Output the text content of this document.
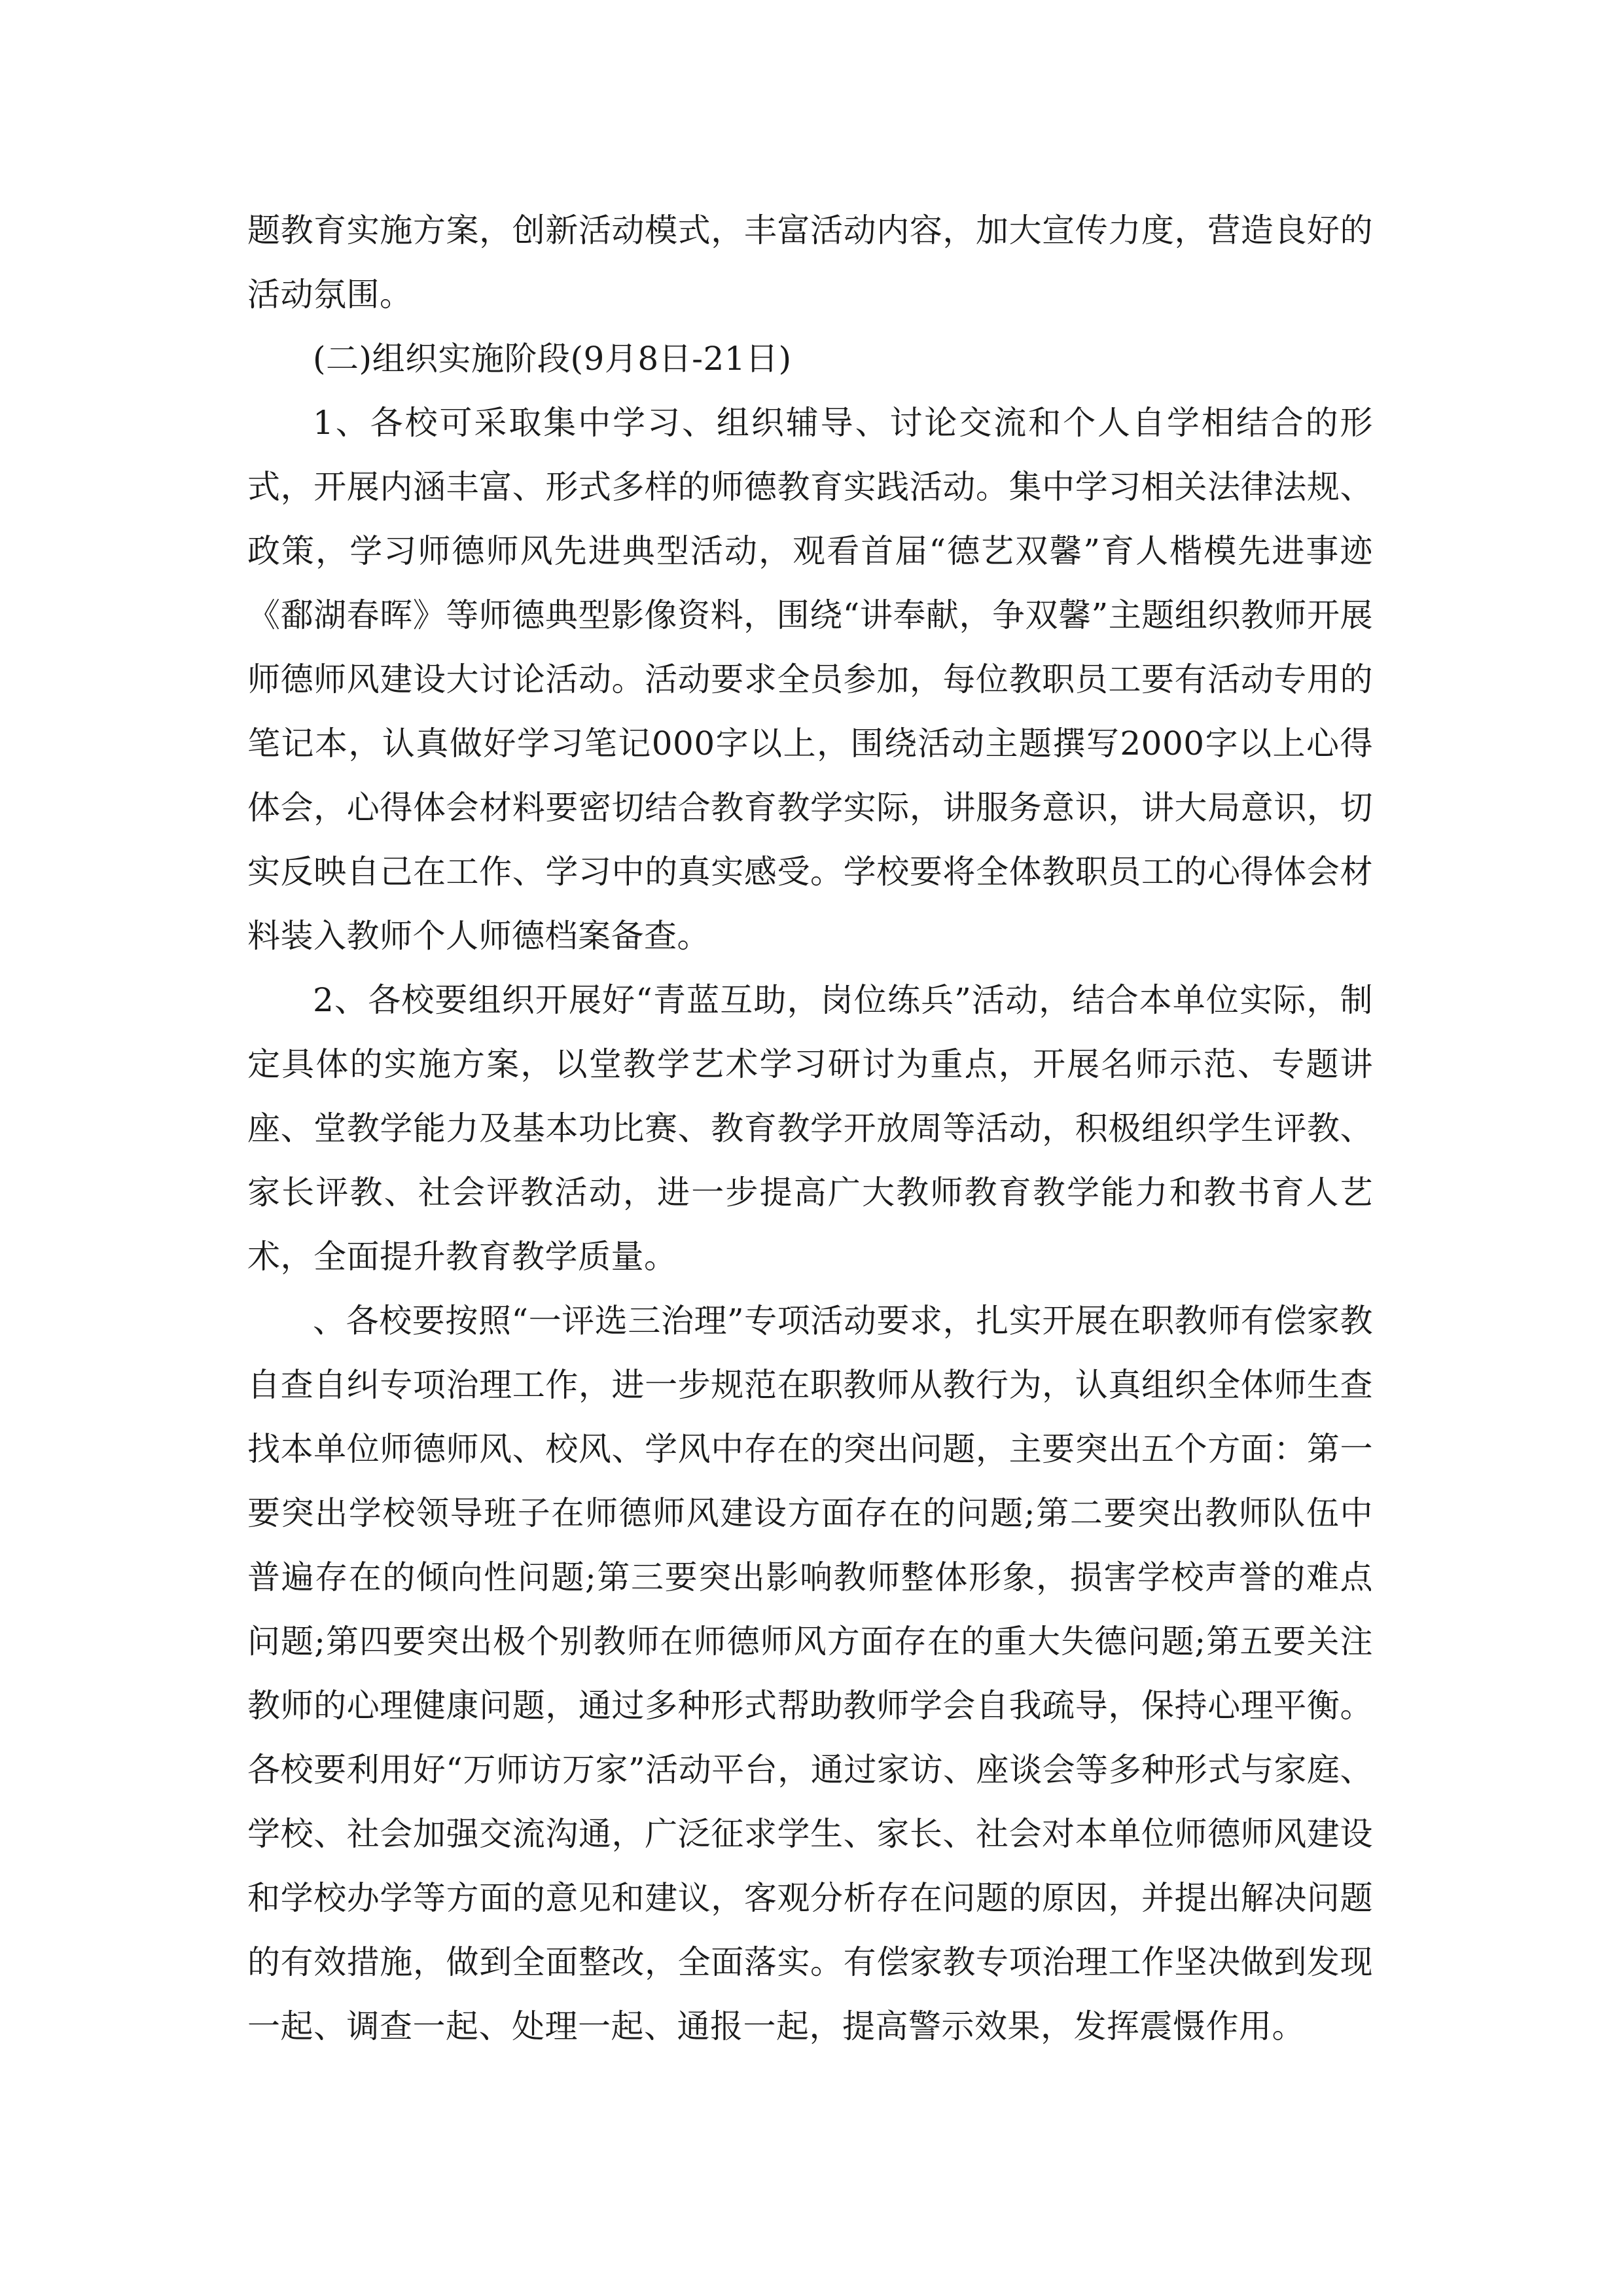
题教育实施方案，创新活动模式，丰富活动内容，加大宣传力度，营造良好的活动氛围。

(二)组织实施阶段(9月8日-21日)

1、各校可采取集中学习、组织辅导、讨论交流和个人自学相结合的形式，开展内涵丰富、形式多样的师德教育实践活动。集中学习相关法律法规、政策，学习师德师风先进典型活动，观看首届“德艺双馨”育人楷模先进事迹《鄱湖春晖》等师德典型影像资料，围绕“讲奉献，争双馨”主题组织教师开展师德师风建设大讨论活动。活动要求全员参加，每位教职员工要有活动专用的笔记本，认真做好学习笔记000字以上，围绕活动主题撰写2000字以上心得体会，心得体会材料要密切结合教育教学实际，讲服务意识，讲大局意识，切实反映自己在工作、学习中的真实感受。学校要将全体教职员工的心得体会材料装入教师个人师德档案备查。

2、各校要组织开展好“青蓝互助，岗位练兵”活动，结合本单位实际，制定具体的实施方案，以堂教学艺术学习研讨为重点，开展名师示范、专题讲座、堂教学能力及基本功比赛、教育教学开放周等活动，积极组织学生评教、家长评教、社会评教活动，进一步提高广大教师教育教学能力和教书育人艺术，全面提升教育教学质量。

、各校要按照“一评选三治理”专项活动要求，扎实开展在职教师有偿家教自查自纠专项治理工作，进一步规范在职教师从教行为，认真组织全体师生查找本单位师德师风、校风、学风中存在的突出问题，主要突出五个方面：第一要突出学校领导班子在师德师风建设方面存在的问题;第二要突出教师队伍中普遍存在的倾向性问题;第三要突出影响教师整体形象，损害学校声誉的难点问题;第四要突出极个别教师在师德师风方面存在的重大失德问题;第五要关注教师的心理健康问题，通过多种形式帮助教师学会自我疏导，保持心理平衡。各校要利用好“万师访万家”活动平台，通过家访、座谈会等多种形式与家庭、学校、社会加强交流沟通，广泛征求学生、家长、社会对本单位师德师风建设和学校办学等方面的意见和建议，客观分析存在问题的原因，并提出解决问题的有效措施，做到全面整改，全面落实。有偿家教专项治理工作坚决做到发现一起、调查一起、处理一起、通报一起，提高警示效果，发挥震慑作用。
